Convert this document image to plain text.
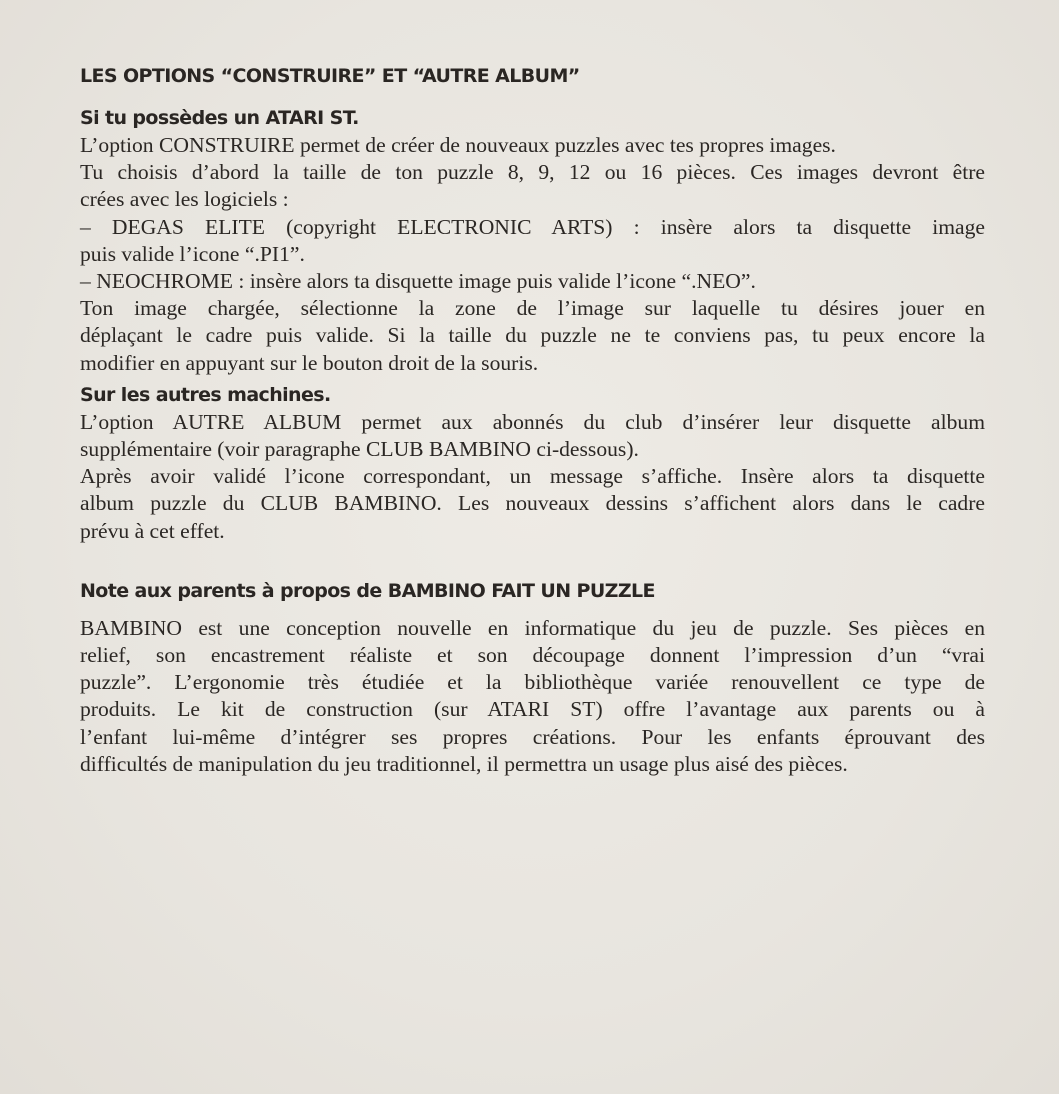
LES OPTIONS “CONSTRUIRE” ET “AUTRE ALBUM”
Si tu possèdes un ATARI ST.
L’option CONSTRUIRE permet de créer de nouveaux puzzles avec tes propres images.
Tu choisis d’abord la taille de ton puzzle 8, 9, 12 ou 16 pièces. Ces images devront être
crées avec les logiciels :
– DEGAS ELITE (copyright ELECTRONIC ARTS) : insère alors ta disquette image
puis valide l’icone “.PI1”.
– NEOCHROME : insère alors ta disquette image puis valide l’icone “.NEO”.
Ton image chargée, sélectionne la zone de l’image sur laquelle tu désires jouer en
déplaçant le cadre puis valide. Si la taille du puzzle ne te conviens pas, tu peux encore la
modifier en appuyant sur le bouton droit de la souris.
Sur les autres machines.
L’option AUTRE ALBUM permet aux abonnés du club d’insérer leur disquette album
supplémentaire (voir paragraphe CLUB BAMBINO ci-dessous).
Après avoir validé l’icone correspondant, un message s’affiche. Insère alors ta disquette
album puzzle du CLUB BAMBINO. Les nouveaux dessins s’affichent alors dans le cadre
prévu à cet effet.
Note aux parents à propos de BAMBINO FAIT UN PUZZLE
BAMBINO est une conception nouvelle en informatique du jeu de puzzle. Ses pièces en
relief, son encastrement réaliste et son découpage donnent l’impression d’un “vrai
puzzle”. L’ergonomie très étudiée et la bibliothèque variée renouvellent ce type de
produits. Le kit de construction (sur ATARI ST) offre l’avantage aux parents ou à
l’enfant lui-même d’intégrer ses propres créations. Pour les enfants éprouvant des
difficultés de manipulation du jeu traditionnel, il permettra un usage plus aisé des pièces.
